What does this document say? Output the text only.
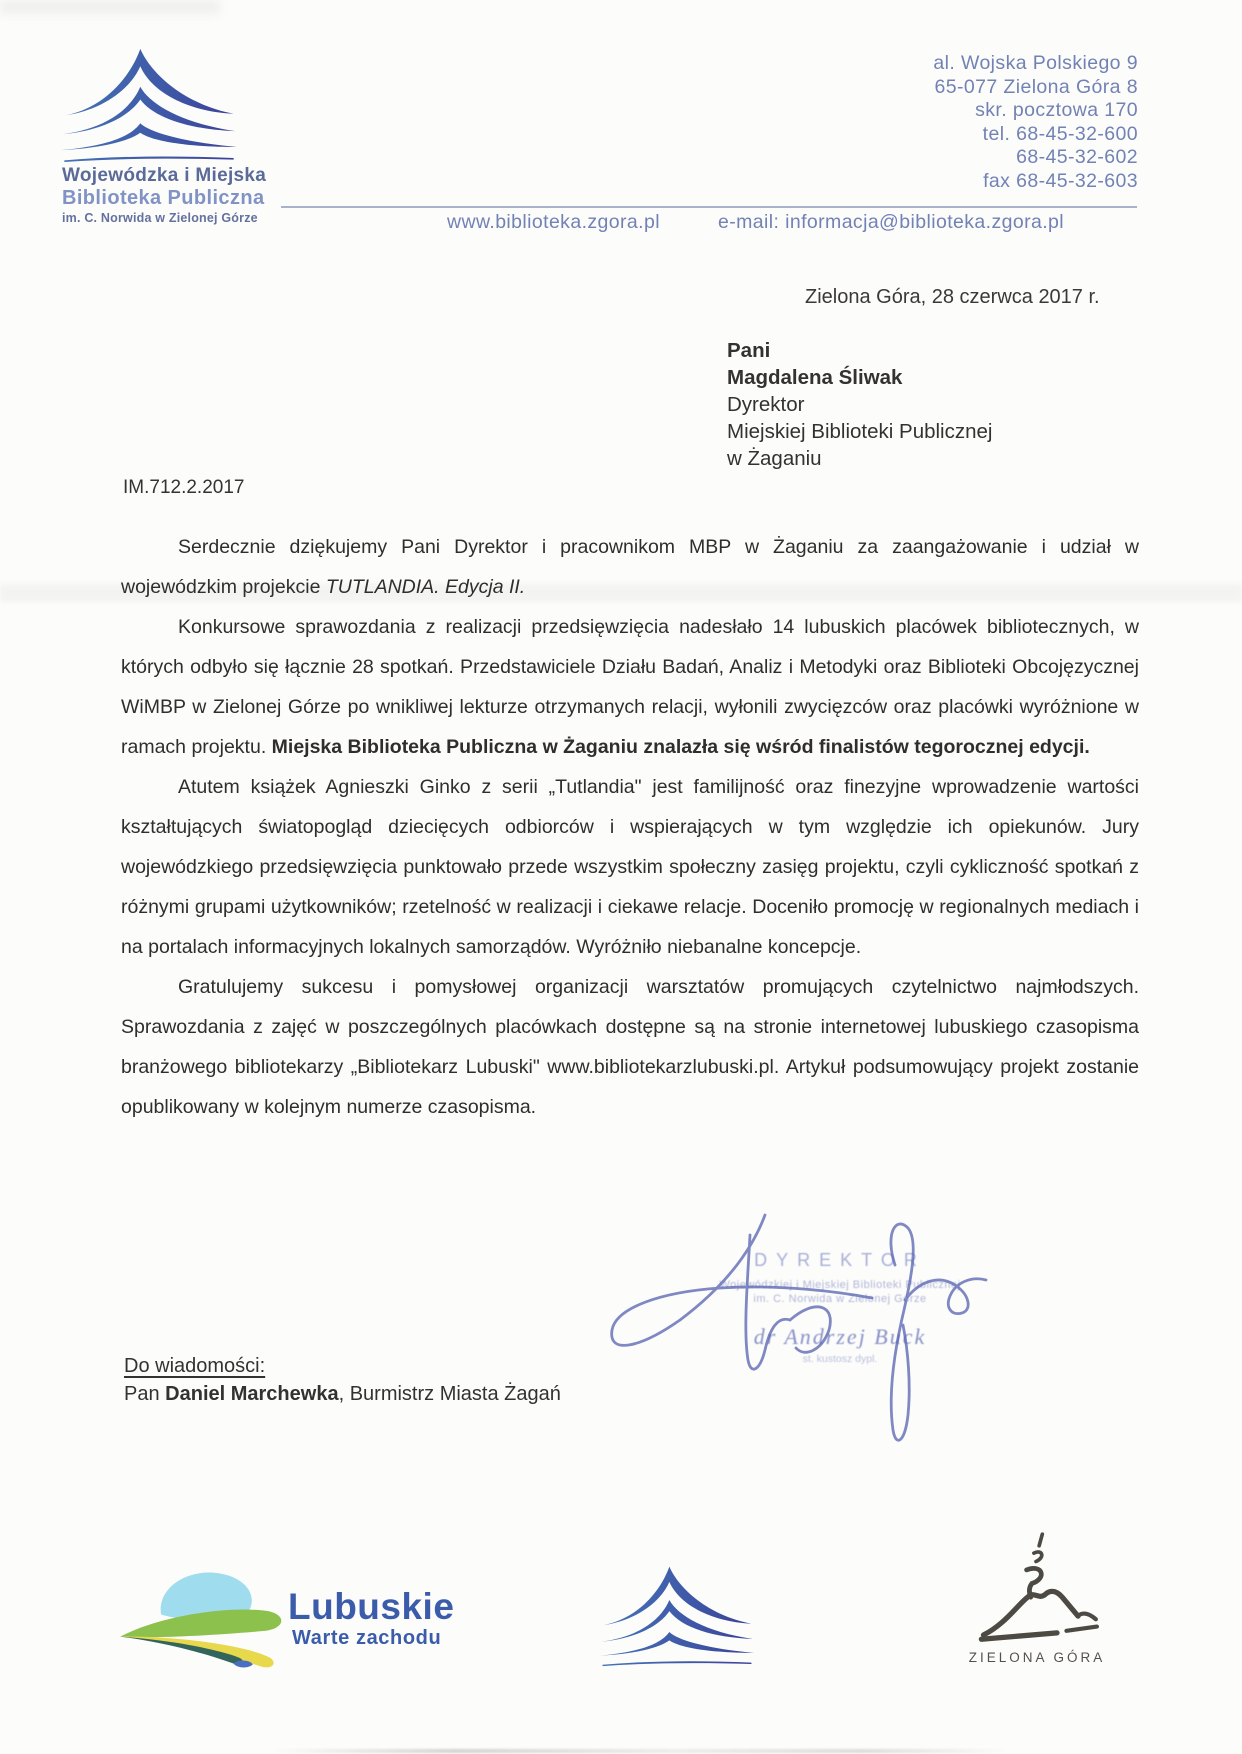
Wojewódzka i Miejska
Biblioteka Publiczna
im. C. Norwida w Zielonej Górze
al. Wojska Polskiego 9
65-077 Zielona Góra 8
skr. pocztowa 170
tel. 68-45-32-600
68-45-32-602
fax 68-45-32-603
www.biblioteka.zgora.pl	e-mail: informacja@biblioteka.zgora.pl
Zielona Góra, 28 czerwca 2017 r.
Pani
Magdalena Śliwak
Dyrektor
Miejskiej Biblioteki Publicznej
w Żaganiu
IM.712.2.2017

Serdecznie dziękujemy Pani Dyrektor i pracownikom MBP w Żaganiu za zaangażowanie i udział w wojewódzkim projekcie TUTLANDIA. Edycja II.

Konkursowe sprawozdania z realizacji przedsięwzięcia nadesłało 14 lubuskich placówek bibliotecznych, w których odbyło się łącznie 28 spotkań. Przedstawiciele Działu Badań, Analiz i Metodyki oraz Biblioteki Obcojęzycznej WiMBP w Zielonej Górze po wnikliwej lekturze otrzymanych relacji, wyłonili zwycięzców oraz placówki wyróżnione w ramach projektu. Miejska Biblioteka Publiczna w Żaganiu znalazła się wśród finalistów tegorocznej edycji.

Atutem książek Agnieszki Ginko z serii „Tutlandia" jest familijność oraz finezyjne wprowadzenie wartości kształtujących światopogląd dziecięcych odbiorców i wspierających w tym względzie ich opiekunów. Jury wojewódzkiego przedsięwzięcia punktowało przede wszystkim społeczny zasięg projektu, czyli cykliczność spotkań z różnymi grupami użytkowników; rzetelność w realizacji i ciekawe relacje. Doceniło promocję w regionalnych mediach i na portalach informacyjnych lokalnych samorządów. Wyróżniło niebanalne koncepcje.

Gratulujemy sukcesu i pomysłowej organizacji warsztatów promujących czytelnictwo najmłodszych. Sprawozdania z zajęć w poszczególnych placówkach dostępne są na stronie internetowej lubuskiego czasopisma branżowego bibliotekarzy „Bibliotekarz Lubuski" www.bibliotekarzlubuski.pl. Artykuł podsumowujący projekt zostanie opublikowany w kolejnym numerze czasopisma.

DYREKTOR
Wojewódzkiej i Miejskiej Biblioteki Publicznej
im. C. Norwida w Zielonej Górze
dr Andrzej Buck
st. kustosz dypl.
Do wiadomości:
Pan Daniel Marchewka, Burmistrz Miasta Żagań
Lubuskie
Warte zachodu
ZIELONA GÓRA
